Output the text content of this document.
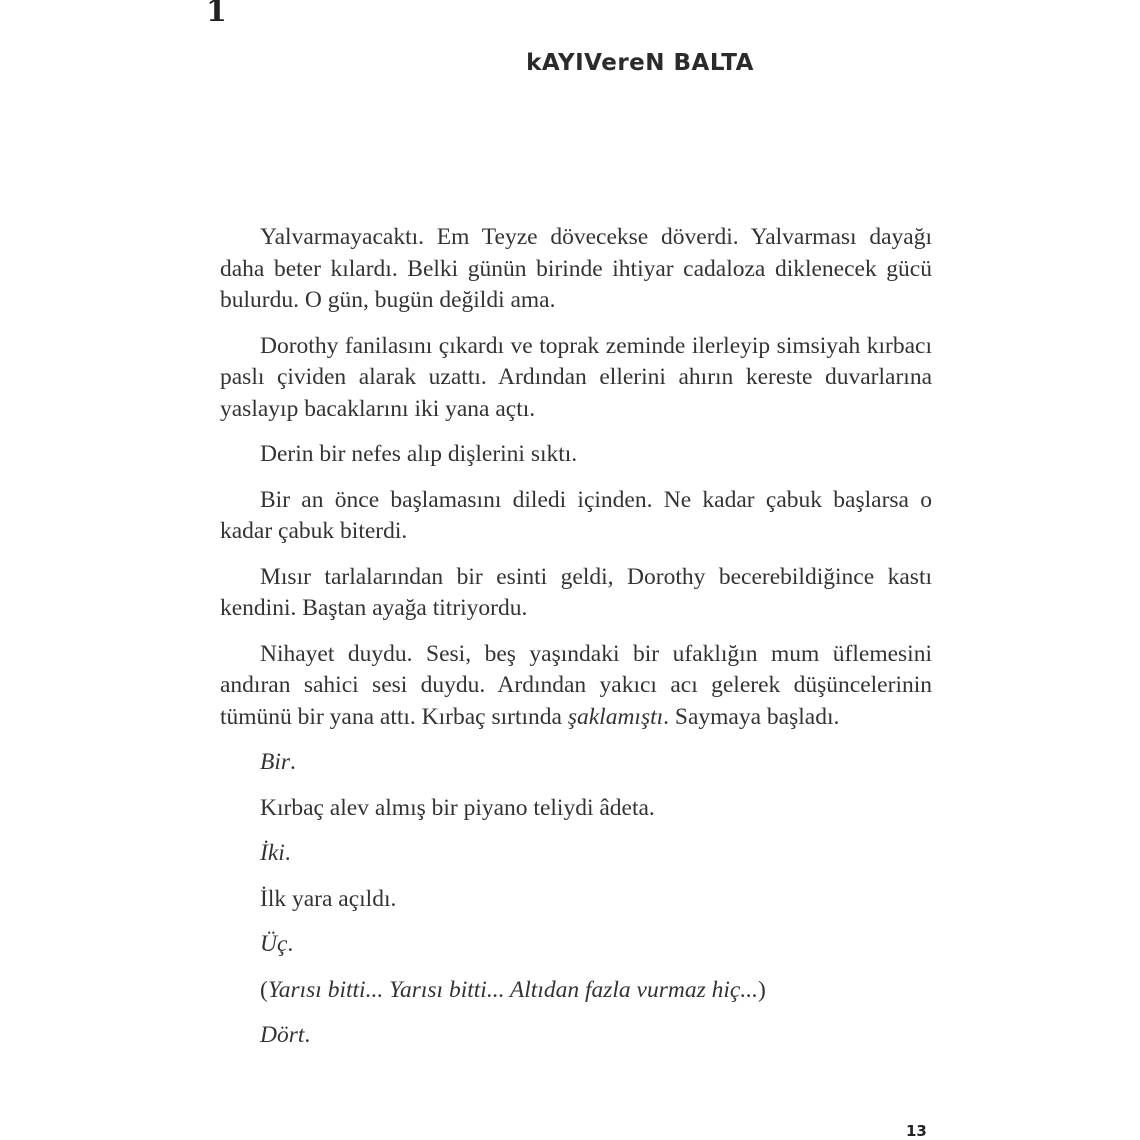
1
kAYIVereN BALTA

Yalvarmayacaktı. Em Teyze dövecekse döverdi. Yalvarması dayağı daha beter kılardı. Belki günün birinde ihtiyar cadaloza diklenecek gücü bulurdu. O gün, bugün değildi ama.

Dorothy fanilasını çıkardı ve toprak zeminde ilerleyip simsiyah kırbacı paslı çividen alarak uzattı. Ardından ellerini ahırın kereste duvarlarına yaslayıp bacaklarını iki yana açtı.

Derin bir nefes alıp dişlerini sıktı.

Bir an önce başlamasını diledi içinden. Ne kadar çabuk başlarsa o kadar çabuk biterdi.

Mısır tarlalarından bir esinti geldi, Dorothy becerebildiğince kastı kendini. Baştan ayağa titriyordu.

Nihayet duydu. Sesi, beş yaşındaki bir ufaklığın mum üflemesini andıran sahici sesi duydu. Ardından yakıcı acı gelerek düşüncelerinin tümünü bir yana attı. Kırbaç sırtında şaklamıştı. Saymaya başladı.

Bir.

Kırbaç alev almış bir piyano teliydi âdeta.

İki.

İlk yara açıldı.

Üç.

(Yarısı bitti... Yarısı bitti... Altıdan fazla vurmaz hiç...)

Dört.

13
